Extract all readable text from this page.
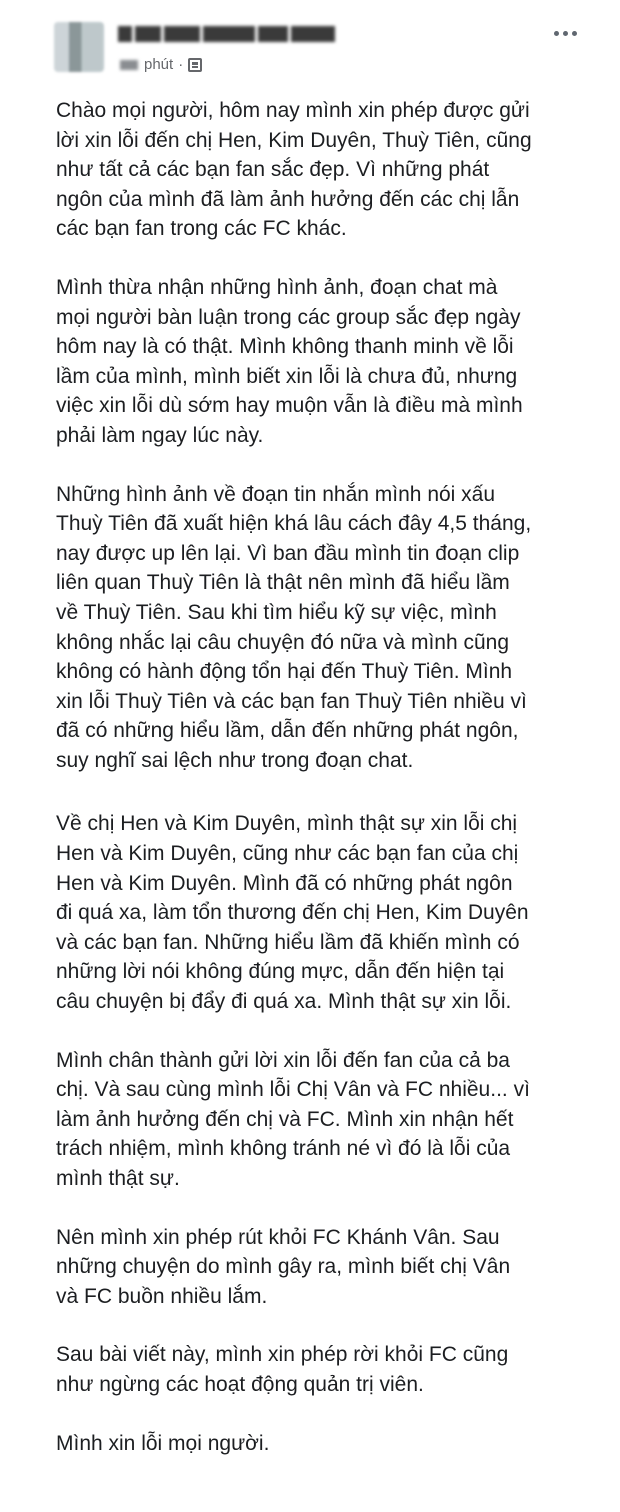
phút ·

Chào mọi người, hôm nay mình xin phép được gửi
lời xin lỗi đến chị Hen, Kim Duyên, Thuỳ Tiên, cũng
như tất cả các bạn fan sắc đẹp. Vì những phát
ngôn của mình đã làm ảnh hưởng đến các chị lẫn
các bạn fan trong các FC khác.

Mình thừa nhận những hình ảnh, đoạn chat mà
mọi người bàn luận trong các group sắc đẹp ngày
hôm nay là có thật. Mình không thanh minh về lỗi
lầm của mình, mình biết xin lỗi là chưa đủ, nhưng
việc xin lỗi dù sớm hay muộn vẫn là điều mà mình
phải làm ngay lúc này.

Những hình ảnh về đoạn tin nhắn mình nói xấu
Thuỳ Tiên đã xuất hiện khá lâu cách đây 4,5 tháng,
nay được up lên lại. Vì ban đầu mình tin đoạn clip
liên quan Thuỳ Tiên là thật nên mình đã hiểu lầm
về Thuỳ Tiên. Sau khi tìm hiểu kỹ sự việc, mình
không nhắc lại câu chuyện đó nữa và mình cũng
không có hành động tổn hại đến Thuỳ Tiên. Mình
xin lỗi Thuỳ Tiên và các bạn fan Thuỳ Tiên nhiều vì
đã có những hiểu lầm, dẫn đến những phát ngôn,
suy nghĩ sai lệch như trong đoạn chat.

Về chị Hen và Kim Duyên, mình thật sự xin lỗi chị
Hen và Kim Duyên, cũng như các bạn fan của chị
Hen và Kim Duyên. Mình đã có những phát ngôn
đi quá xa, làm tổn thương đến chị Hen, Kim Duyên
và các bạn fan. Những hiểu lầm đã khiến mình có
những lời nói không đúng mực, dẫn đến hiện tại
câu chuyện bị đẩy đi quá xa. Mình thật sự xin lỗi.

Mình chân thành gửi lời xin lỗi đến fan của cả ba
chị. Và sau cùng mình lỗi Chị Vân và FC nhiều... vì
làm ảnh hưởng đến chị và FC. Mình xin nhận hết
trách nhiệm, mình không tránh né vì đó là lỗi của
mình thật sự.

Nên mình xin phép rút khỏi FC Khánh Vân. Sau
những chuyện do mình gây ra, mình biết chị Vân
và FC buồn nhiều lắm.

Sau bài viết này, mình xin phép rời khỏi FC cũng
như ngừng các hoạt động quản trị viên.

Mình xin lỗi mọi người.
